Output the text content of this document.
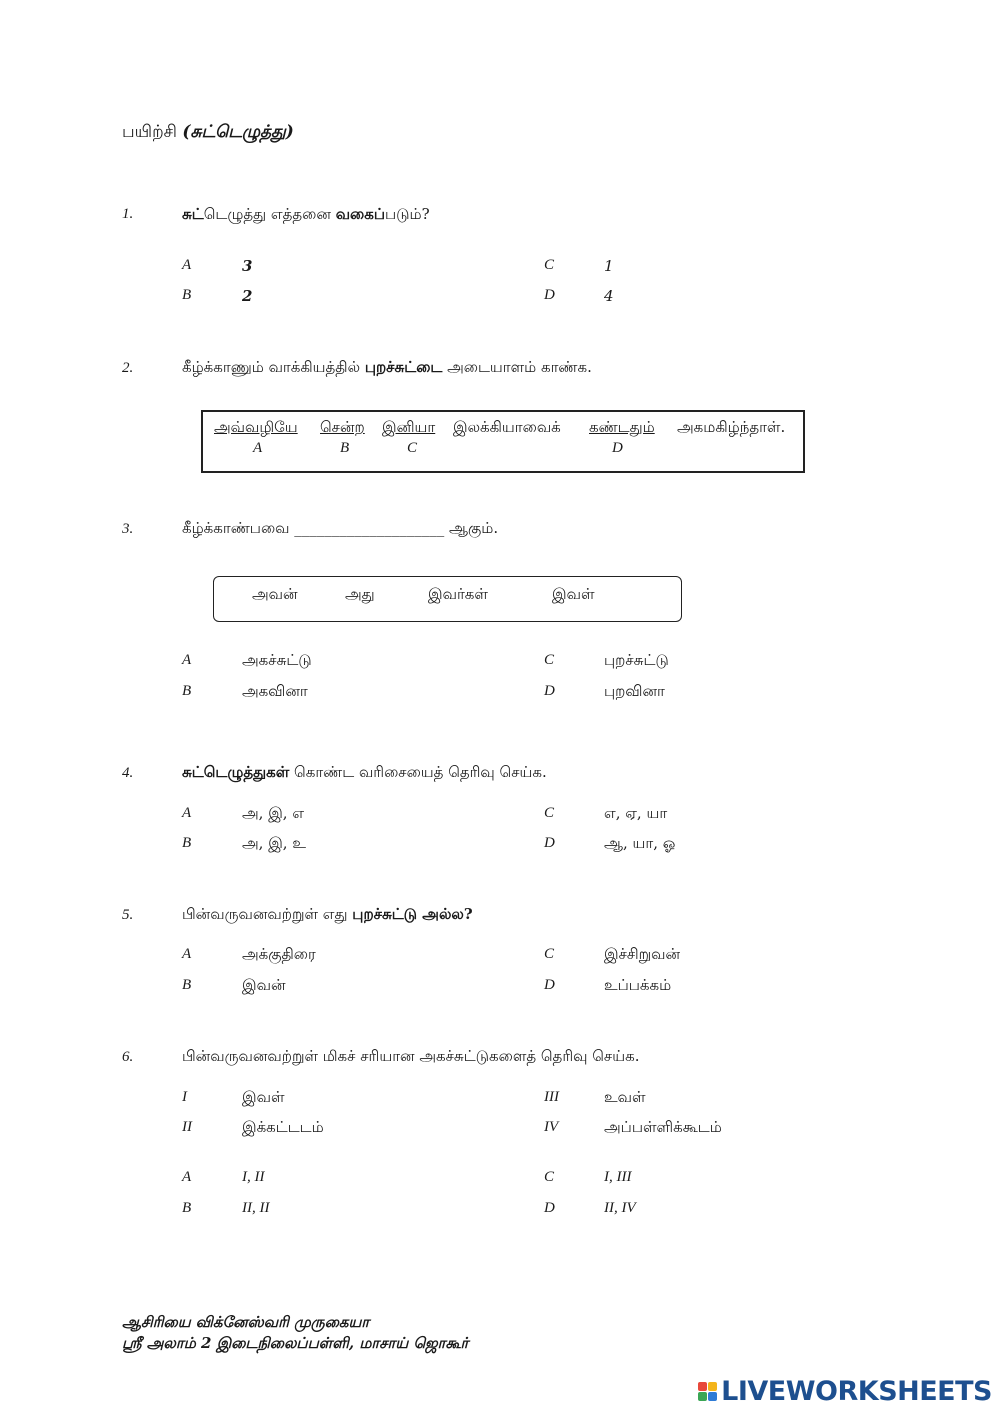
பயிற்சி (சுட்டெழுத்து)
1.	சுட்டெழுத்து எத்தனை வகைப்படும்?
A	3
B	2
C	1
D	4
2.	கீழ்க்காணும் வாக்கியத்தில் புறச்சுட்டை அடையாளம் காண்க.
அவ்வழியே சென்ற இனியா இலக்கியாவைக் கண்டதும் அகமகிழ்ந்தாள்.
A	B	C	D
3.	கீழ்க்காண்பவை ____________________ ஆகும்.
அவன்	அது	இவர்கள்	இவள்
A	அகச்சுட்டு
B	அகவினா
C	புறச்சுட்டு
D	புறவினா
4.	சுட்டெழுத்துகள் கொண்ட வரிசையைத் தெரிவு செய்க.
A	அ, இ, எ
B	அ, இ, உ
C	எ, ஏ, யா
D	ஆ, யா, ஓ
5.	பின்வருவனவற்றுள் எது புறச்சுட்டு அல்ல?
A	அக்குதிரை
B	இவன்
C	இச்சிறுவன்
D	உப்பக்கம்
6.	பின்வருவனவற்றுள் மிகச் சரியான அகச்சுட்டுகளைத் தெரிவு செய்க.
I	இவள்
II	இக்கட்டடம்
III	உவள்
IV	அப்பள்ளிக்கூடம்
A	I, II
B	II, II
C	I, III
D	II, IV
ஆசிரியை விக்னேஸ்வரி முருகையா
ஸ்ரீ அலாம் 2 இடைநிலைப்பள்ளி, மாசாய் ஜொகூர்
LIVEWORKSHEETS
